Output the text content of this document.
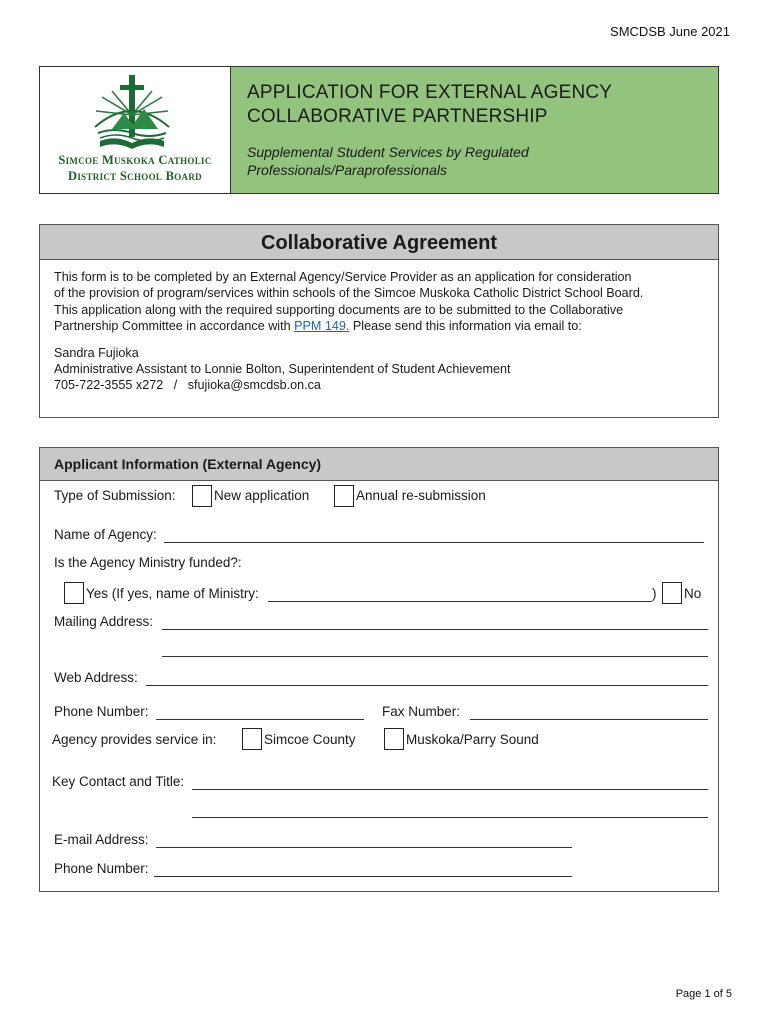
SMCDSB June 2021
Simcoe Muskoka Catholic
District School Board
APPLICATION FOR EXTERNAL AGENCY
COLLABORATIVE PARTNERSHIP
Supplemental Student Services by Regulated
Professionals/Paraprofessionals
Collaborative Agreement
This form is to be completed by an External Agency/Service Provider as an application for consideration
of the provision of program/services within schools of the Simcoe Muskoka Catholic District School Board.
This application along with the required supporting documents are to be submitted to the Collaborative
Partnership Committee in accordance with PPM 149. Please send this information via email to:
Sandra Fujioka
Administrative Assistant to Lonnie Bolton, Superintendent of Student Achievement
705-722-3555 x272   /   sfujioka@smcdsb.on.ca
Applicant Information (External Agency)
Type of Submission:	New application	Annual re-submission
Name of Agency:
Is the Agency Ministry funded?:
Yes (If yes, name of Ministry:	) No
Mailing Address:
Web Address:
Phone Number:	Fax Number:
Agency provides service in:	Simcoe County	Muskoka/Parry Sound
Key Contact and Title:
E-mail Address:
Phone Number:
Page 1 of 5
